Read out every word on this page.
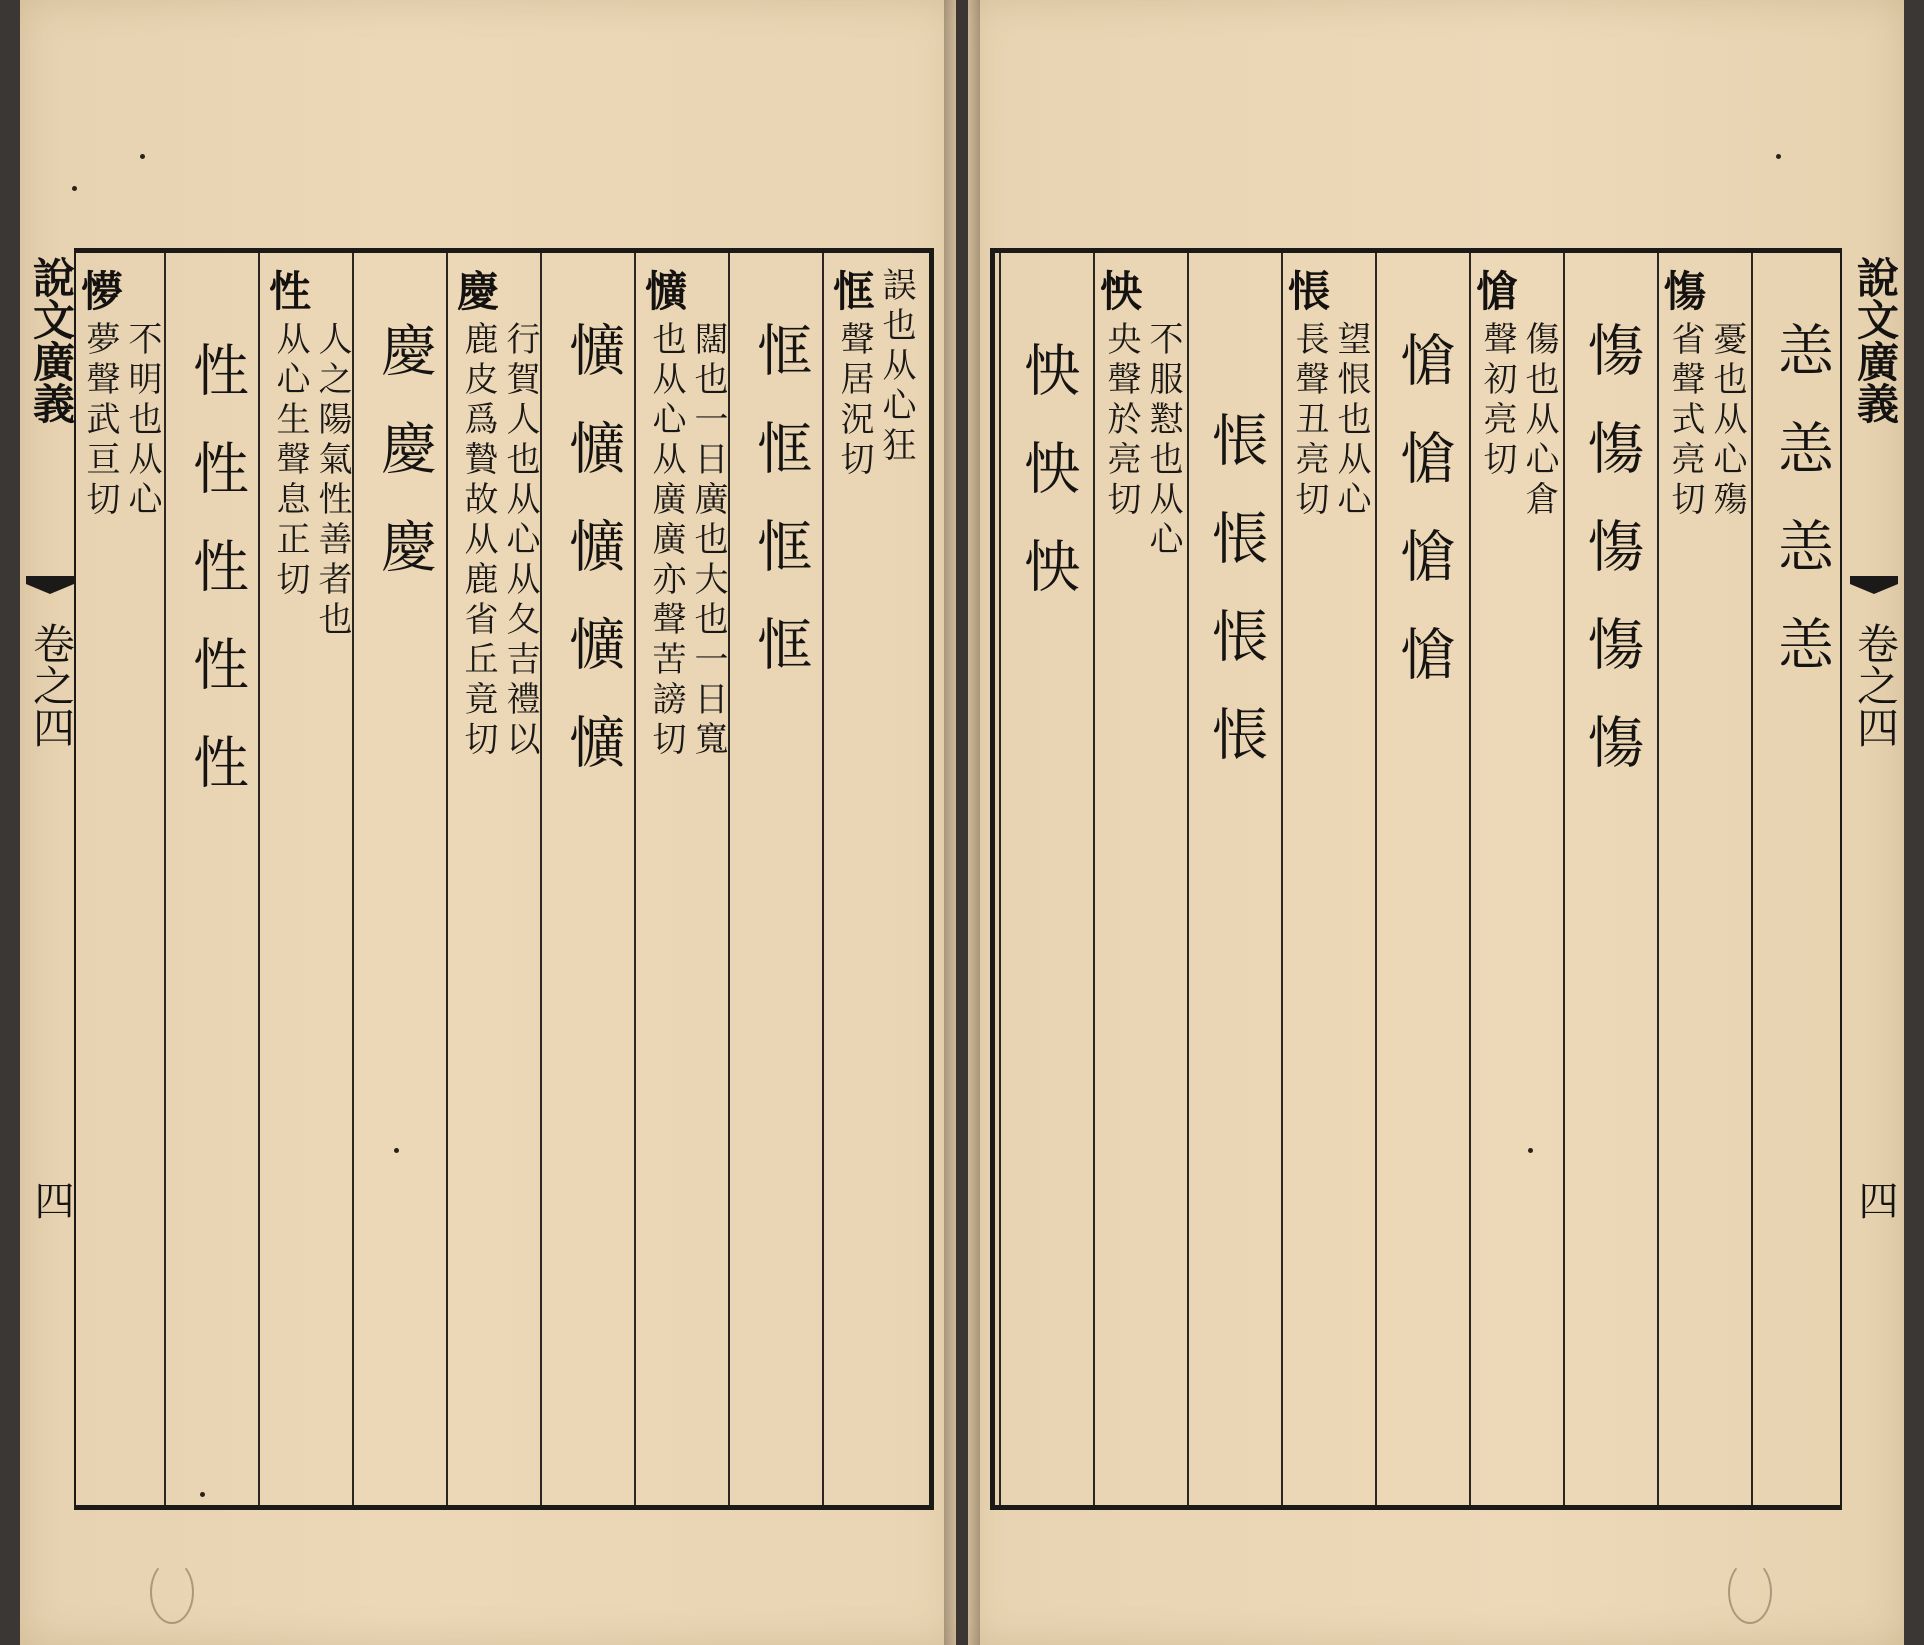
說文廣義
卷之四
四
恇 誤也从心狂
聲居況切
恇恇恇恇
懭
闊也一日廣也大也一日寬
也从心从廣廣亦聲苦謗切
懭懭懭懭懭
慶
行賀人也从心从夂吉禮以
鹿皮爲贄故从鹿省丘竟切
慶慶慶
性
人之陽氣性善者也
从心生聲息正切
性性性性性
懜
不明也从心
夢聲武亘切	恙恙恙恙
慯
憂也从心殤
省聲式亮切
慯慯慯慯慯
愴
傷也从心倉
聲初亮切
愴愴愴愴
悵
望恨也从心
長聲丑亮切
悵悵悵悵
怏
不服懟也从心
央聲於亮切
怏怏怏
說文廣義
卷之四
四
